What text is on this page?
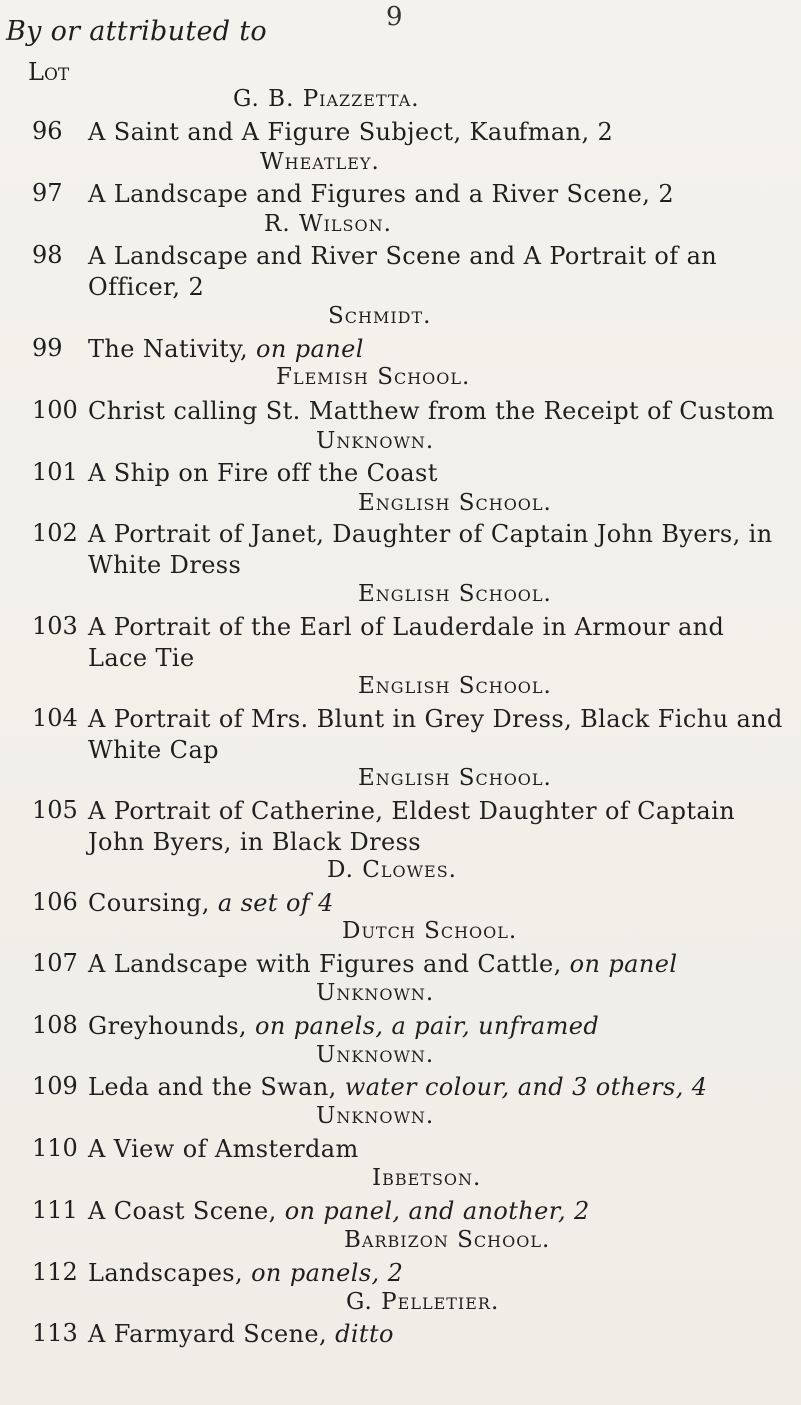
9
By or attributed to
Lot
G. B. Piazzetta.
96	A Saint and A Figure Subject, Kaufman, 2
Wheatley.
97	A Landscape and Figures and a River Scene, 2
R. Wilson.
98	A Landscape and River Scene and A Portrait of an Officer, 2
Schmidt.
99	The Nativity, on panel
Flemish School.
100 Christ calling St. Matthew from the Receipt of Custom
Unknown.
101 A Ship on Fire off the Coast
English School.
102 A Portrait of Janet, Daughter of Captain John Byers, in White Dress
English School.
103 A Portrait of the Earl of Lauderdale in Armour and Lace Tie
English School.
104 A Portrait of Mrs. Blunt in Grey Dress, Black Fichu and White Cap
English School.
105 A Portrait of Catherine, Eldest Daughter of Captain John Byers, in Black Dress
D. Clowes.
106 Coursing, a set of 4
Dutch School.
107 A Landscape with Figures and Cattle, on panel
Unknown.
108 Greyhounds, on panels, a pair, unframed
Unknown.
109 Leda and the Swan, water colour, and 3 others, 4
Unknown.
110 A View of Amsterdam
Ibbetson.
111 A Coast Scene, on panel, and another, 2
Barbizon School.
112 Landscapes, on panels, 2
G. Pelletier.
113 A Farmyard Scene, ditto
